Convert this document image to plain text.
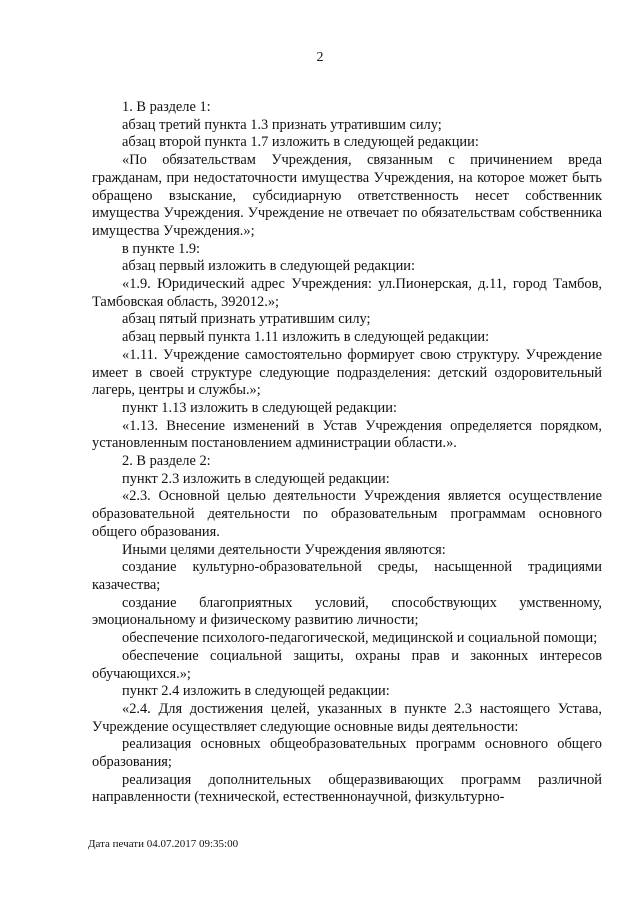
2

1. В разделе 1:

абзац третий пункта 1.3 признать утратившим силу;

абзац второй пункта 1.7 изложить в следующей редакции:

«По обязательствам Учреждения, связанным с причинением вреда гражданам, при недостаточности имущества Учреждения, на которое может быть обращено взыскание, субсидиарную ответственность несет собственник имущества Учреждения. Учреждение не отвечает по обязательствам собственника имущества Учреждения.»;

в пункте 1.9:

абзац первый изложить в следующей редакции:

«1.9. Юридический адрес Учреждения: ул.Пионерская, д.11, город Тамбов, Тамбовская область, 392012.»;

абзац пятый признать утратившим силу;

абзац первый пункта 1.11 изложить в следующей редакции:

«1.11. Учреждение самостоятельно формирует свою структуру. Учреждение имеет в своей структуре следующие подразделения: детский оздоровительный лагерь, центры и службы.»;

пункт 1.13 изложить в следующей редакции:

«1.13. Внесение изменений в Устав Учреждения определяется порядком, установленным постановлением администрации области.».

2. В разделе 2:

пункт 2.3 изложить в следующей редакции:

«2.3. Основной целью деятельности Учреждения является осуществление образовательной деятельности по образовательным программам основного общего образования.

Иными целями деятельности Учреждения являются:

создание культурно-образовательной среды, насыщенной традициями казачества;

создание благоприятных условий, способствующих умственному, эмоциональному и физическому развитию личности;

обеспечение психолого-педагогической, медицинской и социальной помощи;

обеспечение социальной защиты, охраны прав и законных интересов обучающихся.»;

пункт 2.4 изложить в следующей редакции:

«2.4. Для достижения целей, указанных в пункте 2.3 настоящего Устава, Учреждение осуществляет следующие основные виды деятельности:

реализация основных общеобразовательных программ основного общего образования;

реализация дополнительных общеразвивающих программ различной направленности (технической, естественнонаучной, физкультурно-

Дата печати 04.07.2017 09:35:00
